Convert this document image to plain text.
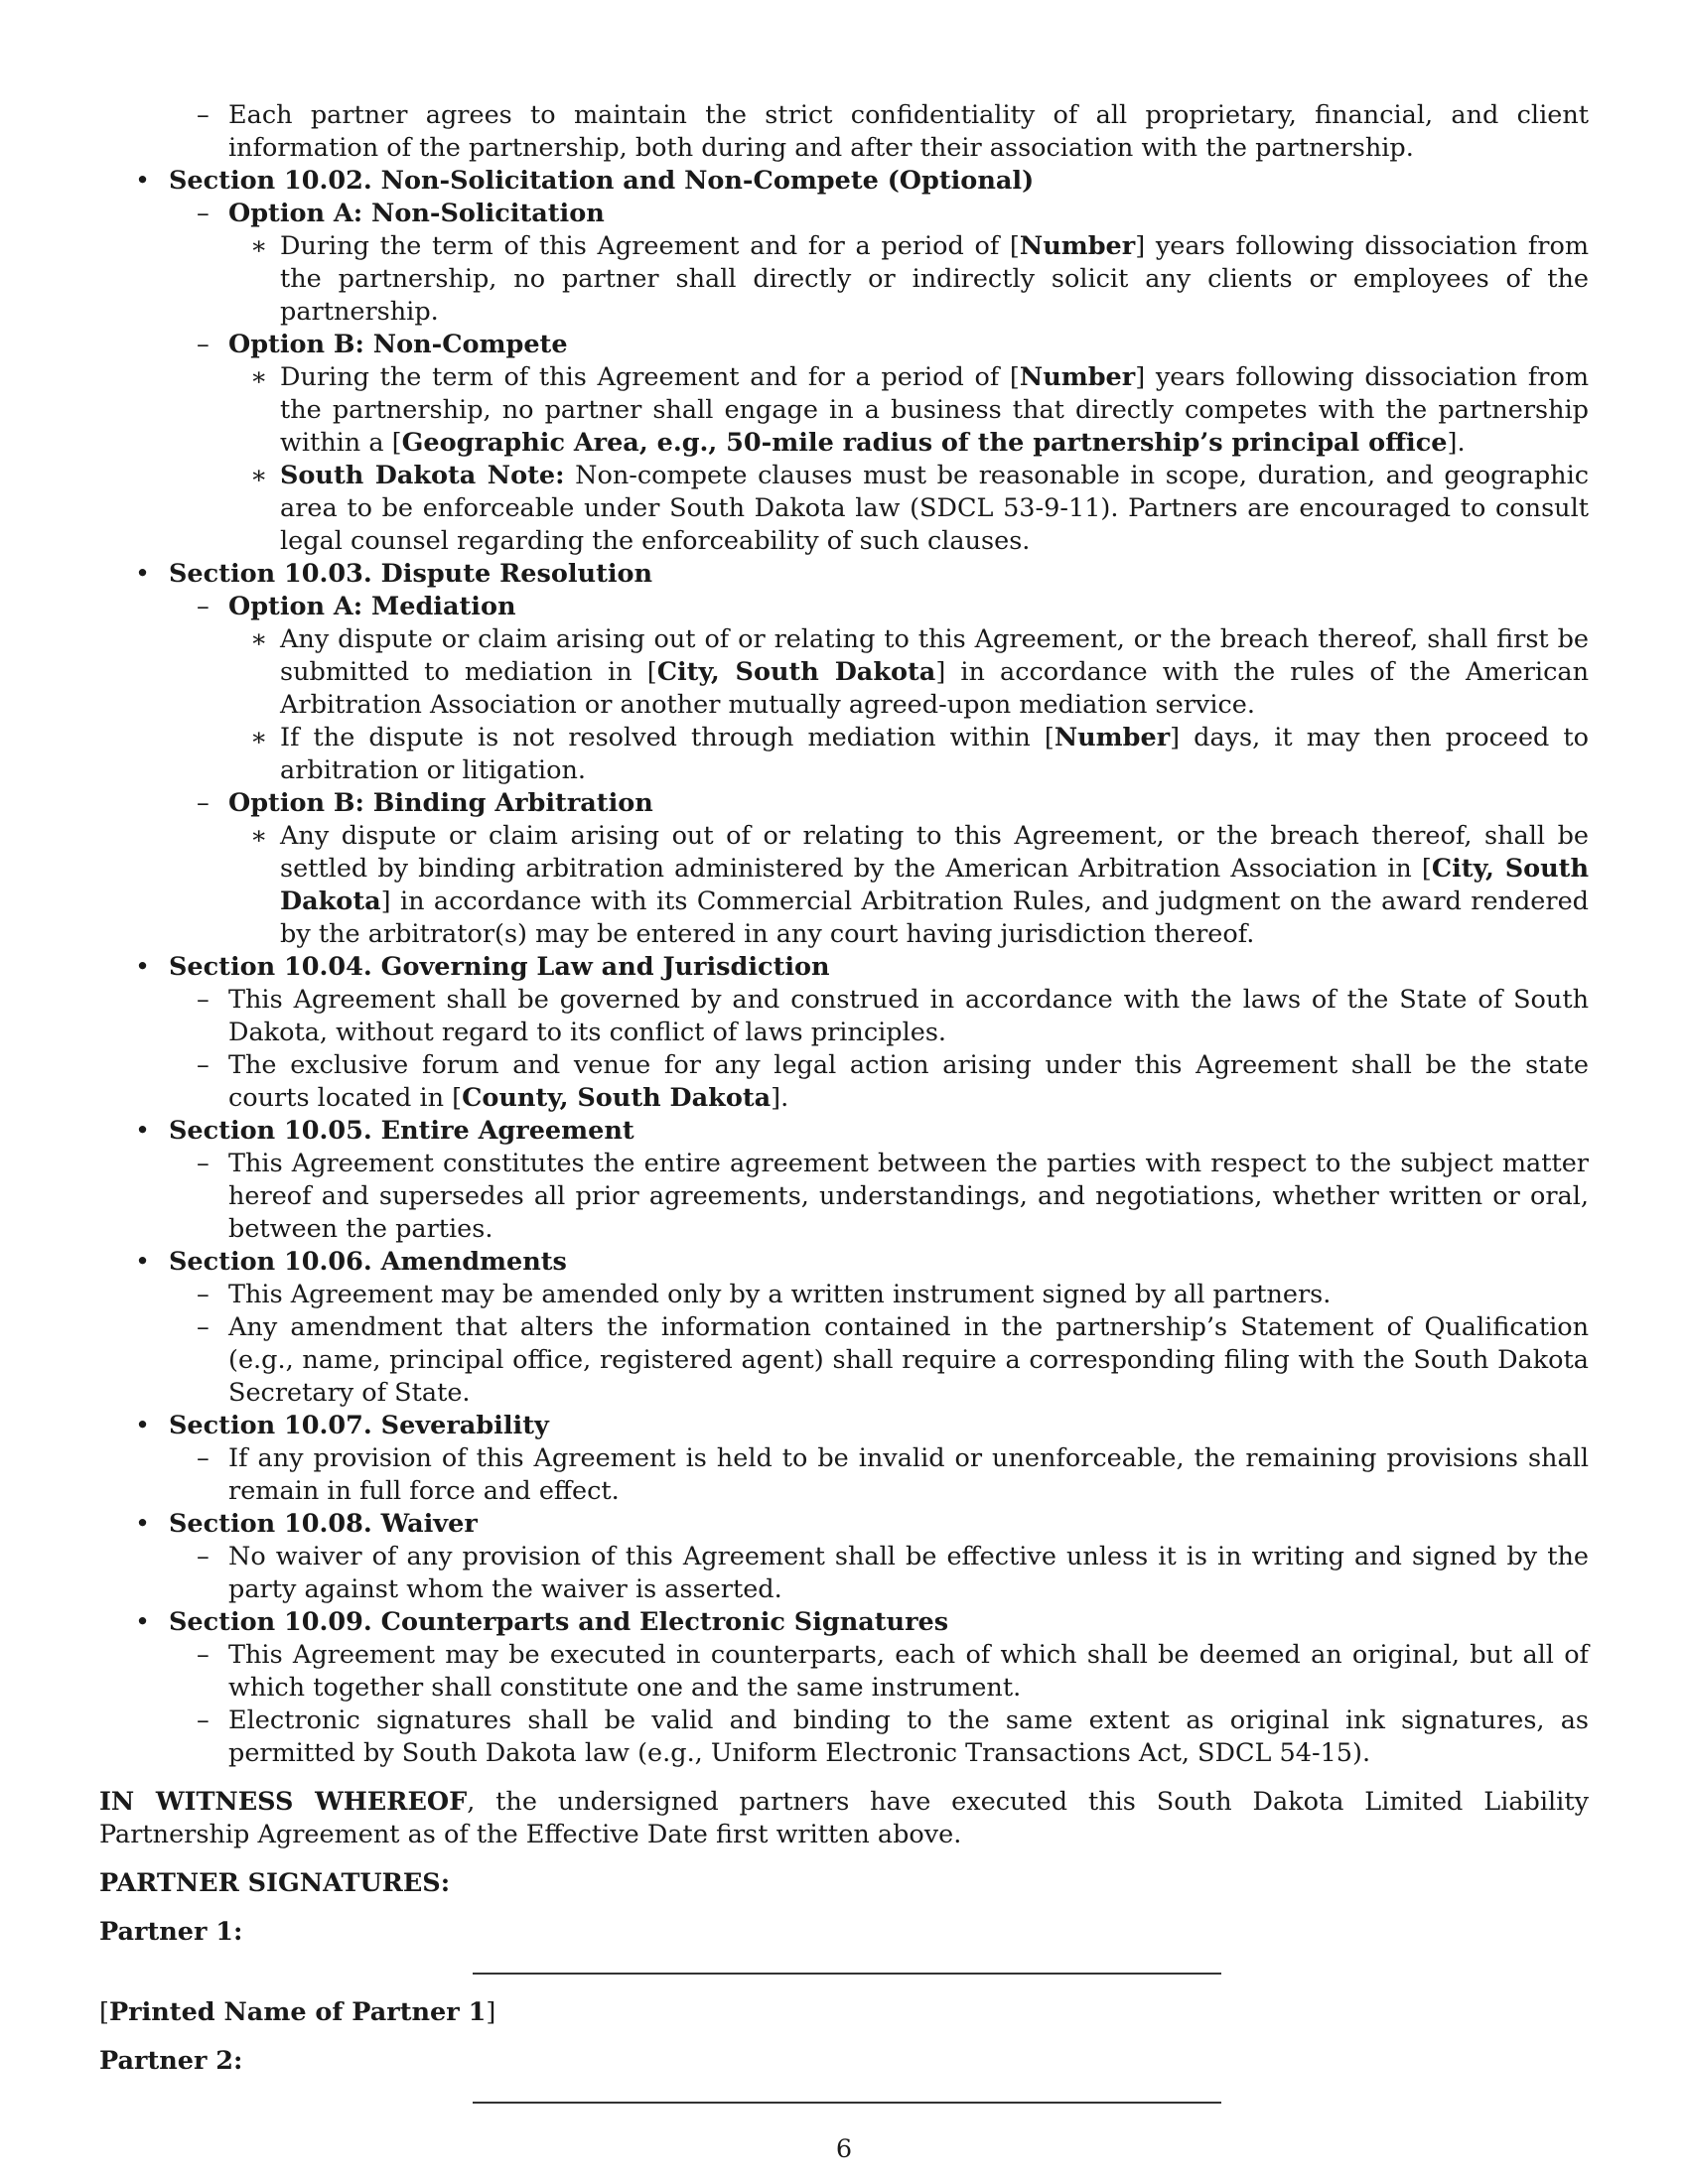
– Each partner agrees to maintain the strict confidentiality of all proprietary, financial, and client information of the partnership, both during and after their association with the partnership.
• Section 10.02. Non-Solicitation and Non-Compete (Optional)
– Option A: Non-Solicitation
∗ During the term of this Agreement and for a period of [Number] years following dissociation from the partnership, no partner shall directly or indirectly solicit any clients or employees of the partnership.
– Option B: Non-Compete
∗ During the term of this Agreement and for a period of [Number] years following dissociation from the partnership, no partner shall engage in a business that directly competes with the partnership within a [Geographic Area, e.g., 50-mile radius of the partnership’s principal office].
∗ South Dakota Note: Non-compete clauses must be reasonable in scope, duration, and geographic area to be enforceable under South Dakota law (SDCL 53-9-11). Partners are encouraged to consult legal counsel regarding the enforceability of such clauses.
• Section 10.03. Dispute Resolution
– Option A: Mediation
∗ Any dispute or claim arising out of or relating to this Agreement, or the breach thereof, shall first be submitted to mediation in [City, South Dakota] in accordance with the rules of the American Arbitration Association or another mutually agreed-upon mediation service.
∗ If the dispute is not resolved through mediation within [Number] days, it may then proceed to arbitration or litigation.
– Option B: Binding Arbitration
∗ Any dispute or claim arising out of or relating to this Agreement, or the breach thereof, shall be settled by binding arbitration administered by the American Arbitration Association in [City, South Dakota] in accordance with its Commercial Arbitration Rules, and judgment on the award rendered by the arbitrator(s) may be entered in any court having jurisdiction thereof.
• Section 10.04. Governing Law and Jurisdiction
– This Agreement shall be governed by and construed in accordance with the laws of the State of South Dakota, without regard to its conflict of laws principles.
– The exclusive forum and venue for any legal action arising under this Agreement shall be the state courts located in [County, South Dakota].
• Section 10.05. Entire Agreement
– This Agreement constitutes the entire agreement between the parties with respect to the subject matter hereof and supersedes all prior agreements, understandings, and negotiations, whether written or oral, between the parties.
• Section 10.06. Amendments
– This Agreement may be amended only by a written instrument signed by all partners.
– Any amendment that alters the information contained in the partnership’s Statement of Qualification (e.g., name, principal office, registered agent) shall require a corresponding filing with the South Dakota Secretary of State.
• Section 10.07. Severability
– If any provision of this Agreement is held to be invalid or unenforceable, the remaining provisions shall remain in full force and effect.
• Section 10.08. Waiver
– No waiver of any provision of this Agreement shall be effective unless it is in writing and signed by the party against whom the waiver is asserted.
• Section 10.09. Counterparts and Electronic Signatures
– This Agreement may be executed in counterparts, each of which shall be deemed an original, but all of which together shall constitute one and the same instrument.
– Electronic signatures shall be valid and binding to the same extent as original ink signatures, as permitted by South Dakota law (e.g., Uniform Electronic Transactions Act, SDCL 54-15).
IN WITNESS WHEREOF, the undersigned partners have executed this South Dakota Limited Liability Partnership Agreement as of the Effective Date first written above.
PARTNER SIGNATURES:
Partner 1:
[Printed Name of Partner 1]
Partner 2:
6
